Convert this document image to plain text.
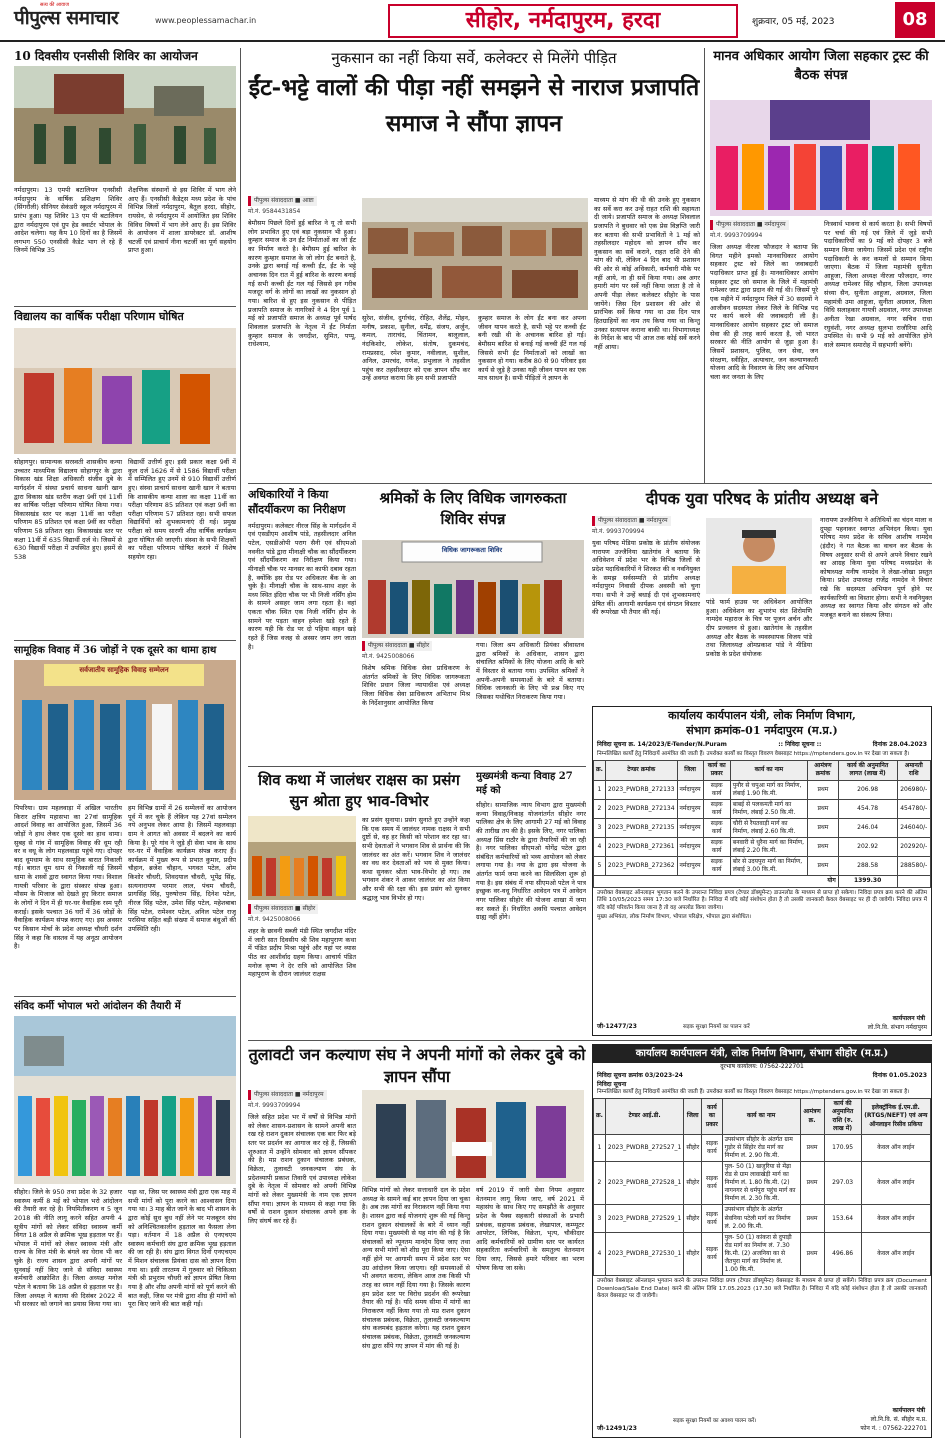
सत्य की आवाज
पीपुल्स समाचार	www.peoplessamachar.in	सीहोर, नर्मदापुरम, हरदा	शुक्रवार, 05 मई, 2023	08
10 दिवसीय एनसीसी शिविर का आयोजन
नर्मदापुरम। 13 एमपी बटालियन एनसीसी नर्मदापुरम के वार्षिक प्रशिक्षण शिविर (सिंगरौली) सीनियर सेकंडरी स्कूल नर्मदापुरम में प्रारंभ हुआ। यह शिविर 13 एम पी बटालियन द्वारा नर्मदापुरम एवं ग्रुप हेड क्वार्टर भोपाल के आदेश चलेगा। यह कैंप 10 दिनों का है जिसमें लगभग 550 एनसीसी कैडेट भाग ले रहे हैं जिनमें विभिन्न 35
शैक्षणिक संस्थानों से इस शिविर में भाग लेने आए हैं। एनसीसी कैडेट्स मध्य प्रदेश के पांच विभिन्न जिलों नर्मदापुरम, बैतूल हरदा, सीहोर, रायसेन, से नर्मदापुरम में आयोजित इस शिविर विविध विषयों में भाग लेने आए हैं। इस शिविर के आयोजन में शाला डायरेक्टर डॉ. आशीष चटर्जी एवं प्राचार्य नीना चटर्जी का पूर्ण सहयोग प्राप्त हुआ।
विद्यालय का वार्षिक परीक्षा परिणाम घोषित
सोहागपुर। सामान्यक सरस्वती शासकीय कन्या उच्चतर माध्यमिक विद्यालय सोहागपुर के द्वारा विकास खंड शिक्षा अधिकारी संजीव दुबे के मार्गदर्शन में संस्था प्रचार्य साधना खानी खान द्वारा विकास खंड स्तरीय कक्षा 9वीं एवं 11वीं का वार्षिक परीक्षा परिणाम घोषित किया गया। विकासखंड स्तर पर कक्षा 11वीं का परीक्षा परिणाम 85 प्रतिशत एवं कक्षा 9वीं का परीक्षा परिणाम 58 प्रतिशत रहा। विकासखंड स्तर पर कक्षा 11वीं में 635 विद्यार्थी दर्ज थे। जिसमें से 630 विद्यार्थी परीक्षा में उपस्थित हुए। इसमें से 538
विद्यार्थी उत्तीर्ण हुए। इसी प्रकार कक्षा 9वीं में कुल दर्ज 1626 में से 1586 विद्यार्थी परीक्षा में सम्मिलित हुए उनमें से 910 विद्यार्थी उत्तीर्ण हुए। संस्था प्राचार्य साधना खानी खान ने बताया कि शासकीय कन्या शाला का कक्षा 11वीं का परीक्षा परिणाम 85 प्रतिशत एवं कक्षा 9वीं का परीक्षा परिणाम 57 प्रतिशत रहा। सभी सफल विद्यार्थियों को शुभकामनाएं दी गई। प्रमुख परीक्षा को समय सारणी शीघ्र वार्षिक कार्यक्रम द्वारा घोषित की जाएगी। संस्था के सभी शिक्षकों का परीक्षा परिणाम घोषित कराने में विशेष सहयोग रहा।
सामूहिक विवाह में 36 जोड़ों ने एक दूसरे का थामा हाथ
सर्वजातीय सामूहिक विवाह सम्मेलन
पिपरिया। ग्राम महलवाड़ा में अखिल भारतीय किरार क्षत्रिय महासभा का 27वां सामूहिक आदर्श विवाह का आयोजित हुआ, जिसमें 36 जोड़ों ने हाथ लेकर एक दूसरे का हाथ थामा। सुबह से गांव में सामूहिक विवाह की धूम रही वर व वधू के लोग महलवाड़ा पहुंचे गए। दोपहर बाद धूमधाम के साथ सामूहिक बारात निकाली गई। बारात धूम धाम से निकाली गई जिसमें धामा के शस्त्रों द्वारा स्वागत किया गया। विशाल गायत्री परिवार के द्वारा संस्कार संपन्न हुआ। मौसम के मिजाज को देखते हुए किरार समाज के लोगों ने दिन में ही घर-घर वैवाहिक रस्म पूरी कराई। इसके पश्चात 36 घरों में 36 जोड़ों के वैवाहिक कार्यक्रम संपन्न कराए गए। इस अवसर पर किसान मोर्चा के प्रदेश अध्यक्ष चौधरी दर्शन सिंह ने कहा कि वास्तव में यह अनूठा आयोजन है।
हम विभिन्न ग्रामों में 26 सम्मेलनों का आयोजन पूर्व में कर चुके हैं लेकिन यह 27वां सम्मेलन नये अनुभव लेकर आया है। जिसमें महलवाड़ा ग्राम ने आगत को अवसर में बदलने का कार्य किया है। पूरे गांव ने जुड़े ही सेवा भाव के साथ घर-घर में वैवाहिक कार्यक्रम संपन्न कराए हैं। कार्यक्रम में मुख्य रूप से प्रभात कुमार, प्रदीप चौहान, ब्रजेश चौहान, भगवत पटेल, ओम किशोर चौधरी, शिवदयाल चौधरी, भूपेंद्र सिंह, सत्यनारायण परमार लाल, पंचम चौधरी, प्रागसिंह सिंह, पुरुषोत्तम सिंह, दिनेश पटेल, नीरज सिंह पटेल, उमेश सिंह पटेल, महेशबाबा सिंह पटेल, रामेश्वर पटेल, अनिल पटेल राजू परसिया सहित बड़ी संख्या में समाज बंधुओं की उपस्थिति रही।
संविद कर्मी भोपाल भरो आंदोलन की तैयारी में
सीहोर। जिले के 950 तथा प्रदेश के 32 हजार स्वास्थ्य कर्मी 8 मई को भोपाल भरो आंदोलन की तैयारी कर रहे है। नियमितीकरण व 5 जून 2018 की नीति लागू करने सहित अपनी 4 सूत्रीय मांगों को लेकर संविदा स्वास्थ्य कर्मी विगत 18 अप्रैल से क्रमिक भूख हड़ताल पर हैं। भोपाल में मांगों को लेकर स्वास्थ्य मंत्री और राज्य के वित्त मंत्री के बंगले का घेराव भी कर चुके है। राज्य शासन द्वारा अपनी मांगों पर सुनवाई नहीं किए जाने से संविदा स्वास्थ्य कर्मचारी आक्रोशित है। जिला अध्यक्ष मनोज पटेल ने बताया कि 18 अप्रैल से हड़ताल पर है। जिला अध्यक्ष ने बताया की दिसंबर 2022 में भी सरकार को जगाने का प्रयास किया गया था।
पड़ा था, जिस पर स्वास्थ्य मंत्री द्वारा एक माह में सभी मांगों को पूरा करने का आश्वासन दिया गया था। 3 माह बीत जाने के बाद भी शासन के द्वारा कोई सुध बुध नहीं लेने पर मजबूरन संघ को अनिश्चितकालीन हड़ताल का फैसला लेना पड़ा। वर्तमान में 18 अप्रैल से एनएचएम स्वास्थ्य कर्मचारी संघ द्वारा क्रमिक भूख हड़ताल की जा रही है। संघ द्वारा विगत दिनों एनएचएम में मिशन संचालक प्रियंका दास को ज्ञापन दिया गया था। इसी तारतम्य में गुरुवार को चिकित्सा मंत्री श्री प्रभुराम चौधरी को ज्ञापन प्रेषित किया गया है और शीघ्र अपनी मांगों को पूर्ण करने की बात कही, जिस पर मंत्री द्वारा शीघ्र ही मांगों को पूरा किए जाने की बात कही गई।
नुकसान का नहीं किया सर्वे, कलेक्टर से मिलेंगे पीड़ित
ईंट-भट्टे वालों की पीड़ा नहीं समझने से नाराज प्रजापति समाज ने सौंपा ज्ञापन
पीपुल्स संवाददाता ■ आष्टा
मो.नं. 9584431854
बेमौसम पिछले दिनों हुई बारिश ने यू तो सभी लोग प्रभावित हुए एवं बड़ा नुकसान भी हुआ। कुम्हार समाज के उन ईंट निर्माताओं का जो ईंट का निर्माण करते है। बेमौसम हुई बारिश के कारण कुम्हार समाज के जो लोग ईंट बनाते है, उनके द्वारा बनाई गई कच्ची ईंट, ईंट के भट्टे अचानक दिन रात में हुई बारिश के कारण बनाई गई सभी कच्ची ईंट गल गई जिससे इन गरीब मजदूर वर्ग के लोगों का लाखों का नुकसान हो गया। बारिश से हुए इस नुकसान से पीड़ित प्रजापति समाज के नागरिकों ने 4 दिन पूर्व 1 मई को प्रजापति समाज के अध्यक्ष पूर्व पार्षद शिवलाल प्रजापति के नेतृत्व में ईंट निर्माता कुम्हार समाज के जगदीश, सुमित, पप्पू, राधेश्याम,
सुरेश, संजीव, दुर्गाचंद, रोहित, शैलेंद्र, मोहन, मनीष, प्रकाश, सुनील, धर्मेंद्र, संजय, अर्जुन, कमल, ताराचंद, चिंतामन, बालूलाल, नंदकिशोर, लोकेश, संतोष, दुकमचंद, रामप्रसाद, रमेश कुमार, नवीलाल, सुशील, अनिल, उमरचंद, गणेश, प्रभुलाल ने तहसील पहुंच कर तहसीलदार को एक ज्ञापन सौंप कर उन्हें अवगत कराया कि हम सभी प्रजापति
कुम्हार समाज के लोग ईंट बना कर अपना जीवन यापन करते है, सभी भट्टे पर कच्ची ईंट बनी रखी थी के अचानक बारिश हो गई। बेमौसम बारिश से बनाई गई कच्ची ईंटें गल गई जिससे सभी ईंट निर्माताओं को लाखों का नुकसान हो गया। करीब 80 से 90 परिवार इस कार्य से जुड़े है उनका यही जीवन यापन का एक मात्र साधन है। सभी पीड़ितों ने ज्ञापन के
माध्यम से मांग की थी की उनके हुए नुकसान का सर्वे करा कर उन्हें राहत राशि की सहायता दी जाये। प्रजापति समाज के अध्यक्ष शिवलाल प्रजापति ने बुधवार को एक प्रेस विज्ञप्ति जारी कर बताया की सभी प्रभावितों ने 1 मई को तहसीलदार महोदय को ज्ञापन सौंप कर नुकसान का सर्वे कराने, राहत राशि देने की मांग की थी, लेकिन 4 दिन बाद भी प्रशासन की ओर से कोई अधिकारी, कर्मचारी मौके पर नहीं आये, ना ही सर्वे किया गया। अब अगर हमारी मांग पर सर्वे नहीं किया जाता है तो वे अपनी पीड़ा लेकर कलेक्टर सीहोर के पास जायेंगे। जिस दिन प्रशासन की ओर से प्रारंभिक सर्वे किया गया था उस दिन पात्र हितग्राहियों का नाम तय किया गया था किन्तु उनका सत्यापन कराना बाकी था। विभागाध्यक्ष के निर्देश के बाद भी आज तक कोई सर्वे करने नहीं आया।
मानव अधिकार आयोग जिला सहकार ट्रस्ट की बैठक संपन्न
पीपुल्स संवाददाता ■ नर्मदापुरम
मो.नं. 9993709994
जिला अध्यक्ष नीरजा फौजदार ने बताया कि विगत महीने इमको मानवाधिकार आयोग सहकार ट्रस्ट को जिले का जवाबदारी पदाधिकार प्राप्त हुई है। मानवाधिकार आयोग सहकार ट्रस्ट जो समाज के जिले में महामंत्री रामेश्वर जाट द्वारा प्रदान की गई थी। जिसमें पूरे एक महीने में नर्मदापुरम जिले में 30 सदस्यों ने आजीवन सदस्यता लेकर जिले के विभिन्न पद पर कार्य करने की जवाबदारी ली है। मानवाधिकार आयोग सहकार ट्रस्ट जो समाज सेवा की ही तरह कार्य करता है, जो भारत सरकार की नीति आयोग से जुड़ा हुआ है। जिसमें प्रशासन, पुलिस, जन सेवा, जन संरक्षण, स्त्रीहित, अत्याचार, जन कल्याणकारी योजना आदि के निवारण के लिए जन अभियान चला कर जनता के लिए
निःस्वार्थ भावना से कार्य करता है। सभी विषयों पर चर्चा की गई एवं जिले में जुड़े सभी पदाधिकारियों का 9 मई को दोपहर 3 बजे सम्मान किया जायेगा। जिसमें प्रदेश एवं राष्ट्रीय पदाधिकारी के कर कमलों से सम्मान किया जाएगा। बैठक में जिला महामंत्री सुनीता आहूजा, जिला अध्यक्ष नीरजा फौजदार, नगर अध्यक्ष रामेश्वर सिंह चौहान, जिला उपाध्यक्ष संध्या सैन, सुनीता आहूजा, अग्रवाल, जिला महामंत्री उमा आहूजा, सुनीता अग्रवाल, जिला विधि सलाहकार गायत्री अग्रवाल, नगर उपाध्यक्ष अनीता रेखा अग्रवाल, नगर सचिव राधा रघुवंशी, नगर अध्यक्ष सुलभा राजौरिया आदि उपस्थित थे। सभी 9 मई को आयोजित होने वाले सम्मान समारोह में सहभागी बनेंगे।
अधिकारियों ने किया सौंदर्यीकरण का निरीक्षण
नर्मदापुरम। कलेक्टर नीरज सिंह के मार्गदर्शन में एवं एसडीएम आशीष पांडे, तहसीलदार अनिल पटेल, एसडीओपी पराग सैनी एवं सीएमओ नवनीत पांडे द्वारा मीनाक्षी चौक का सौंदर्यीकरण एवं सौंदर्यीकरण का निरीक्षण किया गया। मीनाक्षी चौक पर मानसर का काफी दबाव रहता है, क्योंकि इस रोड पर अधिकतर बैंक के आ चुके है। मीनाक्षी चौक के साथ-साथ शहर के मध्य स्थित इंदिरा चौक पर भी निजी नर्सिंग होम के सामने असहर जाम लगा रहता है। वहां एकता चौक स्थित एक निजी नर्सिंग होम के सामने पर पड़ता वाहन हमेशा खड़े रहते हैं कारण यही कि रोड पर दो पहिया वाहन खड़े रहते हैं जिस वजह से अस्सर जाम लग जाता है।
श्रमिकों के लिए विधिक जागरुकता शिविर संपन्न
विधिक जागरूकता शिविर
पीपुल्स संवाददाता ■ सीहोर
मो.नं. 9425008066
विशेष श्रमिक विधिक सेवा प्राधिकरण के अंतर्गत श्रमिकों के लिए विधिक जागरूकता शिविर प्रधान जिला न्यायाधीश एवं अध्यक्ष जिला विधिक सेवा प्राधिकरण अभिताभ मिश्र के निर्देशानुसार आयोजित किया
गया। जिला श्रम अधिकारी प्रियंका श्रीवास्तव द्वारा श्रमिकों के अधिकार, शासन द्वारा संचालित श्रमिकों के लिए योजना आदि के बारे में विस्तार से बताया गया। उपस्थित श्रमिकों ने अपनी-अपनी समस्याओं के बारे में बताया। विधिक जानकारी के लिए भी प्रश्न किए गए जिसका यथोचित निराकरण किया गया।
दीपक युवा परिषद के प्रांतीय अध्यक्ष बने
पीपुल्स संवाददाता ■ नर्मदापुरम
मो.नं. 9993709994
युवा परिषद मेडिया प्रकोष्ठ के प्रांतीय संयोजक नारायण उज्जैनिया खातेगांव ने बताया कि अधिवेशन में प्रदेश भर के विभिन्न जिलों से प्रदेश पदाधिकारियों ने शिरकत की व नवनियुक्त के समझ सर्वसम्मति से प्रांतीय अध्यक्ष नर्मदापुरम निवासी दीपक अवस्थी को चुना गया। सभी ने उन्हें बधाई दी एवं शुभकामनाएं प्रेषित कीं। आगामी कार्यक्रम एवं संगठन विस्तार की रूपरेखा भी तैयार की गई।
पांडे फार्म हाउस पर अधिवेशन आयोजित हुआ। अधिवेशन का शुभारंभ संत शिरोमणि नामदेव महाराज के चित्र पर पूजन अर्चन और दीप प्रज्वलन से हुआ। खातेगांव के तहसील अध्यक्ष और बैठक के व्यवस्थापक विजय पांडे तथा जिलाध्यक्ष ओमप्रकाश पांडे ने मीडिया प्रकोष्ठ के प्रदेश संयोजक
नारायण उज्जैनिया ने अतिथियों का चंदन माला व दुपट्टा पहनाकर स्वागत अभिनंदन किया। युवा परिषद मध्य प्रदेश के सचिव आशीष नामदेव (इंदौर) ने गत बैठक का वाचन कर बैठक के विषय अनुसार सभी से अपने अपने विचार रखने का आग्रह किया युवा परिषद मध्यप्रदेश के कोषाध्यक्ष मनीष नामदेव ने लेखा-जोखा प्रस्तुत किया। प्रदेश उपाध्यक्ष राजेंद्र नामदेव ने विचार रखे कि सदस्यता अभियान पूर्ण होने पर कार्यकारिणी का विस्तार होगा। सभी ने नवनियुक्त अध्यक्ष का स्वागत किया और संगठन को और मजबूत बनाने का संकल्प लिया।
कार्यालय कार्यपालन यंत्री, लोक निर्माण विभाग,
संभाग क्रमांक-01 नर्मदापुरम (म.प्र.)
निविदा सूचना क्र. 14/2023/E-Tender/N.Puram	:: निविदा सूचना ::	दिनांक 28.04.2023
निम्नलिखित कार्यों हेतु निविदायें आमंत्रित की जाती हैं। उपरोक्त कार्यों का विस्तृत विवरण वेबसाइट https://mptenders.gov.in पर देखा जा सकता है।
क्र.	टेण्डर क्रमांक	जिला	कार्य का प्रकार	कार्य का नाम	आमंत्रण क्रमांक	कार्य की अनुमानित लागत (लाख में)	अमानती राशि
1	2023_PWDRB_272133	नर्मदापुरम	सड़क कार्य	पुनौर से चपुआ मार्ग का निर्माण, लंबाई 1.90 कि.मी.	प्रथम	206.98	206980/-
2	2023_PWDRB_272134	नर्मदापुरम	सड़क कार्य	बाबई से पलकमती मार्ग का निर्माण, लंबाई 2.50 कि.मी.	प्रथम	454.78	454780/-
3	2023_PWDRB_272135	नर्मदापुरम	सड़क कार्य	चौरी से रैयतवाड़ी मार्ग का निर्माण, लंबाई 2.60 कि.मी.	प्रथम	246.04	246040/-
4	2023_PWDRB_272361	नर्मदापुरम	सड़क कार्य	बनवारी से धुरैना मार्ग का निर्माण, लंबाई 2.20 कि.मी.	प्रथम	202.92	202920/-
5	2023_PWDRB_272362	नर्मदापुरम	सड़क कार्य	बोर से उदयपुरा मार्ग का निर्माण, लंबाई 3.00 कि.मी.	प्रथम	288.58	288580/-
योग						1399.30	
उपरोक्त वेबसाइट ऑनलाइन भुगतान करने के उपरान्त निविदा प्रपत्र (टेण्डर डॉक्यूमेन्ट) डाउनलोड के माध्यम से प्राप्त हो सकेगा। निविदा प्रपत्र क्रय करने की अंतिम तिथि 10/05/2023 समय 17:30 बजे निर्धारित है। निविदा में यदि कोई संशोधन होता है तो उसकी जानकारी केवल वेबसाइट पर ही दी जावेगी। निविदा प्रपत्र में यदि कोई परिवर्तन किया जाना है तो वह अपलोड किया जायेगा।
मुख्य अभियंता, लोक निर्माण विभाग, भोपाल परिक्षेत्र, भोपाल द्वारा संशोधित।
जी-12477/23	सड़क सुरक्षा नियमों का पालन करें
कार्यपालन यंत्री
लो.नि.वि. संभाग नर्मदापुरम
शिव कथा में जालंधर राक्षस का प्रसंग सुन श्रोता हुए भाव-विभोर
पीपुल्स संवाददाता ■ सीहोर
मो.नं. 9425008066
शहर के छावनी सब्जी मंडी स्थित जगदीश मंदिर में जारी सात दिवसीय श्री शिव महापुराण कथा में पंडित प्रदीप मिश्रा पहुंचे और यहां पर व्यास पीठ का आशीर्वाद ग्रहण किया। आचार्य पंडित मनोज कृष्ण ने देर रात्रि को आयोजित शिव महापुराण के दौरान जालंधर राक्षस
का प्रसंग सुनाया। प्रसंग सुनाते हुए उन्होंने कहा कि एक समय में जालंधर नामक राक्षस ने सभी दुष्टों से, वह हर किसी को परेशान कर रहा था। सभी देवताओं ने भगवान शिव से प्रार्थना की कि जालंधर का अंत करें। भगवान शिव ने जालंधर का वध कर देवताओं को भय से मुक्त किया। कथा सुनकर श्रोता भाव-विभोर हो गए। तब भगवान शंकर ने आकर जालंधर का अंत किया और सभी की रक्षा की। इस प्रसंग को सुनकर श्रद्धालु भाव विभोर हो गए।
मुख्यमंत्री कन्या विवाह 27 मई को
सीहोर। सामाजिक न्याय विभाग द्वारा मुख्यमंत्री कन्या विवाह/निकाह योजनांतर्गत सीहोर नगर पालिका क्षेत्र के लिए आगामी 27 मई को विवाह की तारीख तय की है। इसके लिए, नगर पालिका अध्यक्ष प्रिंस राठौर के द्वारा तैयारियों की जा रही है। नगर पालिका सीएमओ योगेंद्र पटेल द्वारा संबंधित कर्मचारियों को भव्य आयोजन को लेकर लगाया गया है। नया के द्वारा इस योजना के अंतर्गत फार्म जमा करने का सिलसिला शुरू हो गया है। इस संबंध में नपा सीएमओ पटेल ने पात्र इच्छुक वर-वधू निर्धारित आवेदन पत्र में आवेदन नगर पालिका सीहोर की योजना शाखा में जमा कर सकते हैं। निर्धारित अवधि पश्चात आवेदन ग्राह्य नहीं होंगे।
तुलावटी जन कल्याण संघ ने अपनी मांगों को लेकर दुबे को ज्ञापन सौंपा
पीपुल्स संवाददाता ■ नर्मदापुरम
मो.नं. 9993709994
जिले सहित प्रदेश भर में वर्षों से विभिन्न मांगों को लेकर शासन-प्रशासन के सामने अपनी बात रख रहे राशन दुकान संचालक एक बार फिर बड़े स्तर पर प्रदर्शन का आगाज कर रहे हैं, जिसकी शुरुआत में उन्होंने सोमवार को ज्ञापन सौंपकर की है। मप्र राशन दुकान संचालक प्रबंधक, विक्रेता, तुलावटी जनकल्याण संघ के प्रदेशव्यापी प्रकाश तिवारी एवं उपाध्यक्ष लोकेश दुबे के नेतृत्व में सोमवार को अपनी विभिन्न मांगों को लेकर मुख्यमंत्री के नाम एक ज्ञापन सौंपा गया। ज्ञापन के माध्यम से कहा गया कि वर्षों से राशन दुकान संचालक अपने हक के लिए संघर्ष कर रहे हैं।
विभिन्न मांगों को लेकर सत्ताधारी दल के प्रदेश अध्यक्ष के सामने कई बार ज्ञापन दिया जा चुका है। अब तक मांगों का निराकरण नहीं किया गया है। शासन द्वारा कई योजनाएं शुरू की गई किन्तु राशन दुकान संचालकों के बारे में ध्यान नहीं दिया गया। मुख्यमंत्री से यह मांग की गई है कि संचालकों को न्यूनतम मानदेय दिया जाए तथा अन्य सभी मांगों को शीघ्र पूरा किया जाए। ऐसा नहीं होने पर आगामी समय में प्रदेश स्तर पर उग्र आंदोलन किया जाएगा। रही समस्याओं से भी अवगत कराया, लेकिन आज तक किसी भी तरह का ध्यान नहीं दिया गया है। जिसके कारण हम प्रदेश स्तर पर विरोध प्रदर्शन की रूपरेखा तैयार की गई है। यदि समय सीमा में मांगों का निराकरण नहीं किया गया तो मप्र राशन दुकान संचालक प्रबंधक, विक्रेता, तुलावटी जनकल्याण संघ कलमबंद हड़ताल करेगा। यह राशन दुकान संचालक प्रबंधक, विक्रेता, तुलावटी जनकल्याण संघ द्वारा सौंपे गए ज्ञापन में मांग की गई है।
वर्ष 2019 में जारी सेवा नियम अनुसार वेतनमान लागू किया जाए, वर्ष 2021 में महासंघ के साथ किए गए समझौते के अनुसार प्रदेश के पैक्स सहकारी संस्थाओं के प्रभारी प्रबंधक, सहायक प्रबंधक, लेखापाल, कम्प्यूटर आपरेटर, लिपिक, विक्रेता, भृत्य, चौकीदार आदि कर्मचारियों को ग्रामीण स्तर पर कार्यरत सहकारिता कर्मचारियों के समतुल्य वेतनमान दिया जाए, जिससे हमारे परिवार का भरण पोषण किया जा सके।
कार्यालय कार्यपालन यंत्री, लोक निर्माण विभाग, संभाग सीहोर (म.प्र.)
दूरभाष कार्यालय: 07562-222701
निविदा सूचना क्रमांक 03/2023-24	दिनांक 01.05.2023
निविदा सूचना
निम्नलिखित कार्यों हेतु निविदायें आमंत्रित की जाती हैं। उपरोक्त कार्यों का विस्तृत विवरण वेबसाइट https://mptenders.gov.in पर देखा जा सकता है।
क्र.	टेण्डर आई.डी.	जिला	कार्य का प्रकार	कार्य का नाम	आमंत्रण क्र.	कार्य की अनुमानित राशि (रु. लाख में)	इलेक्ट्रॉनिक ई.एम.डी. (RTGS/NEFT) एवं अन्य ऑनलाइन रिसीव प्रकिया
1	2023_PWDRB_272527_1	सीहोर	सड़क कार्य	उपसंभाग सीहोर के अंतर्गत ग्राम गुड़ोर से सिंहोर रोड मार्ग का निर्माण लं. 2.90 कि.मी.	प्रथम	170.95	केवल ऑन लाईन
2	2023_PWDRB_272528_1	सीहोर	सड़क कार्य	पुल- 50 (1) खजुरिया से मेंढ़ा रोड से ग्राम लावाखेड़ी मार्ग का निर्माण लं. 1.80 कि.मी. (2) नागनगर से धर्मपुरा पहुंच मार्ग का निर्माण लं. 2.30 कि.मी.	प्रथम	297.03	केवल ऑन लाईन
3	2023_PWDRB_272529_1	सीहोर	सड़क कार्य	उपसंभाग सीहोर के अंतर्गत सेवनिया पटेली मार्ग का निर्माण लं. 2.00 कि.मी.	प्रथम	153.64	केवल ऑन लाईन
4	2023_PWDRB_272530_1	सीहोर	सड़क कार्य	पुल- 50 (1) कांकरा से दुपाड़ी रोड मार्ग का निर्माण लं. 7.30 कि.मी. (2) अजनिया का से जैतपुरा मार्ग का निर्माण लं. 1.00 कि.मी.	प्रथम	496.86	केवल ऑन लाईन
उपरोक्त वेबसाइट ऑनलाइन भुगतान करने के उपरान्त निविदा प्रपत्र (टेण्डर डॉक्यूमेन्ट) वेबसाइट के माध्यम से प्राप्त हो सकेंगे। निविदा प्रपत्र क्रय (Document Download/Sale End Date) करने की अंतिम तिथि 17.05.2023 (17.30 बजे निर्धारित है। निविदा में यदि कोई संशोधन होता है तो उसकी जानकारी केवल वेबसाइट पर दी जावेगी।
जी-12491/23
सड़क सुरक्षा नियमों का अवश्य पालन करें।
कार्यपालन यंत्री
लो.नि.वि. सं. सीहोर म.प्र.
फोन नं. : 07562-222701
